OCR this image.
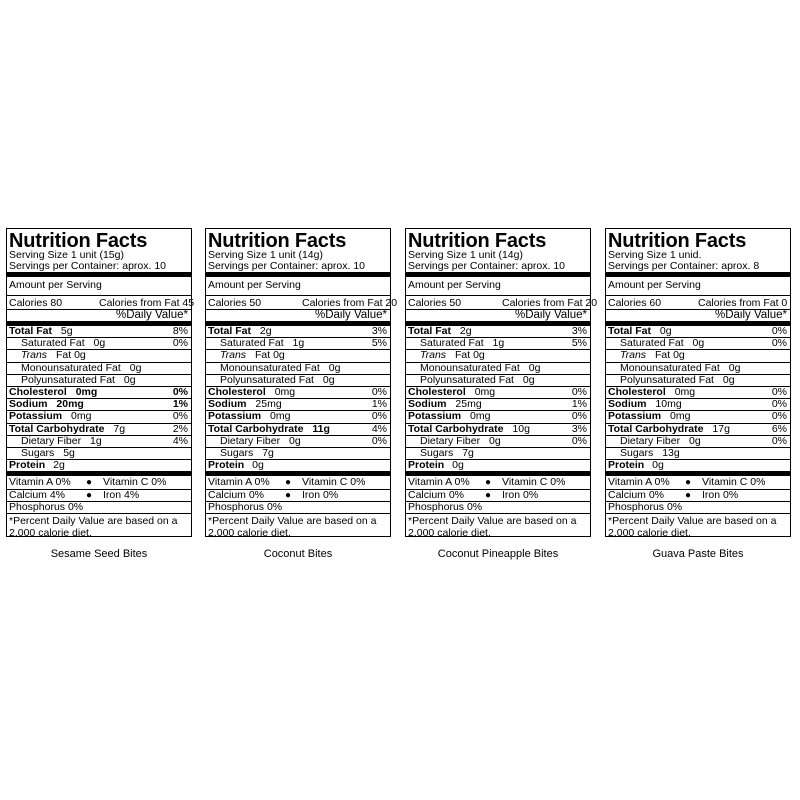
Nutrition Facts
Serving Size 1 unit (15g)
Servings per Container: aprox. 10
Amount per Serving
Calories 80	Calories from Fat 45
%Daily Value*
Total Fat 5g	8%
Saturated Fat 0g	0%
Trans Fat 0g
Monounsaturated Fat 0g
Polyunsaturated Fat 0g
Cholesterol 0mg	0%
Sodium 20mg	1%
Potassium 0mg	0%
Total Carbohydrate 7g	2%
Dietary Fiber 1g	4%
Sugars 5g
Protein 2g
Vitamin A 0% ● Vitamin C 0%
Calcium 4% ● Iron 4%
Phosphorus 0%
*Percent Daily Value are based on a 2,000 calorie diet.
Sesame Seed Bites
Nutrition Facts
Serving Size 1 unit (14g)
Servings per Container: aprox. 10
Amount per Serving
Calories 50	Calories from Fat 20
%Daily Value*
Total Fat 2g	3%
Saturated Fat 1g	5%
Trans Fat 0g
Monounsaturated Fat 0g
Polyunsaturated Fat 0g
Cholesterol 0mg	0%
Sodium 25mg	1%
Potassium 0mg	0%
Total Carbohydrate 11g	4%
Dietary Fiber 0g	0%
Sugars 7g
Protein 0g
Vitamin A 0% ● Vitamin C 0%
Calcium 0% ● Iron 0%
Phosphorus 0%
*Percent Daily Value are based on a 2,000 calorie diet.
Coconut Bites
Nutrition Facts
Serving Size 1 unit (14g)
Servings per Container: aprox. 10
Amount per Serving
Calories 50	Calories from Fat 20
%Daily Value*
Total Fat 2g	3%
Saturated Fat 1g	5%
Trans Fat 0g
Monounsaturated Fat 0g
Polyunsaturated Fat 0g
Cholesterol 0mg	0%
Sodium 25mg	1%
Potassium 0mg	0%
Total Carbohydrate 10g	3%
Dietary Fiber 0g	0%
Sugars 7g
Protein 0g
Vitamin A 0% ● Vitamin C 0%
Calcium 0% ● Iron 0%
Phosphorus 0%
*Percent Daily Value are based on a 2,000 calorie diet.
Coconut Pineapple Bites
Nutrition Facts
Serving Size 1 unid.
Servings per Container: aprox. 8
Amount per Serving
Calories 60	Calories from Fat 0
%Daily Value*
Total Fat 0g	0%
Saturated Fat 0g	0%
Trans Fat 0g
Monounsaturated Fat 0g
Polyunsaturated Fat 0g
Cholesterol 0mg	0%
Sodium 10mg	0%
Potassium 0mg	0%
Total Carbohydrate 17g	6%
Dietary Fiber 0g	0%
Sugars 13g
Protein 0g
Vitamin A 0% ● Vitamin C 0%
Calcium 0% ● Iron 0%
Phosphorus 0%
*Percent Daily Value are based on a 2,000 calorie diet.
Guava Paste Bites
